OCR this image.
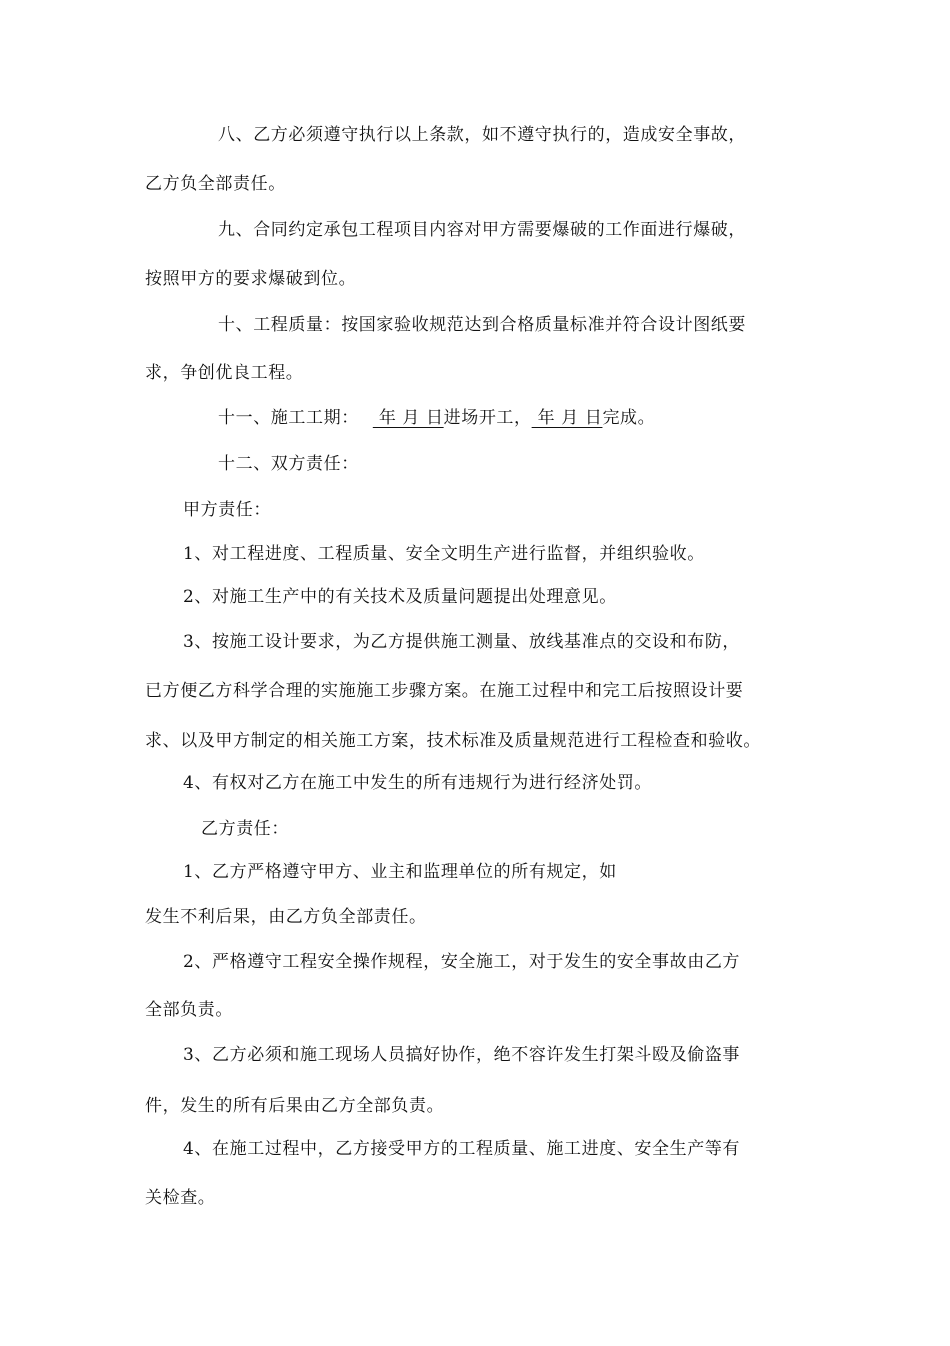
八、乙方必须遵守执行以上条款，如不遵守执行的，造成安全事故，
乙方负全部责任。
九、合同约定承包工程项目内容对甲方需要爆破的工作面进行爆破，
按照甲方的要求爆破到位。
十、工程质量：按国家验收规范达到合格质量标准并符合设计图纸要
求，争创优良工程。
十一、施工工期： 年 月 日进场开工， 年 月 日完成。
十二、双方责任：
甲方责任：
1、对工程进度、工程质量、安全文明生产进行监督，并组织验收。
2、对施工生产中的有关技术及质量问题提出处理意见。
3、按施工设计要求，为乙方提供施工测量、放线基准点的交设和布防，
已方便乙方科学合理的实施施工步骤方案。在施工过程中和完工后按照设计要
求、以及甲方制定的相关施工方案，技术标准及质量规范进行工程检查和验收。
4、有权对乙方在施工中发生的所有违规行为进行经济处罚。
乙方责任：
1、乙方严格遵守甲方、业主和监理单位的所有规定，如
发生不利后果，由乙方负全部责任。
2、严格遵守工程安全操作规程，安全施工，对于发生的安全事故由乙方
全部负责。
3、乙方必须和施工现场人员搞好协作，绝不容许发生打架斗殴及偷盗事
件，发生的所有后果由乙方全部负责。
4、在施工过程中，乙方接受甲方的工程质量、施工进度、安全生产等有
关检查。
